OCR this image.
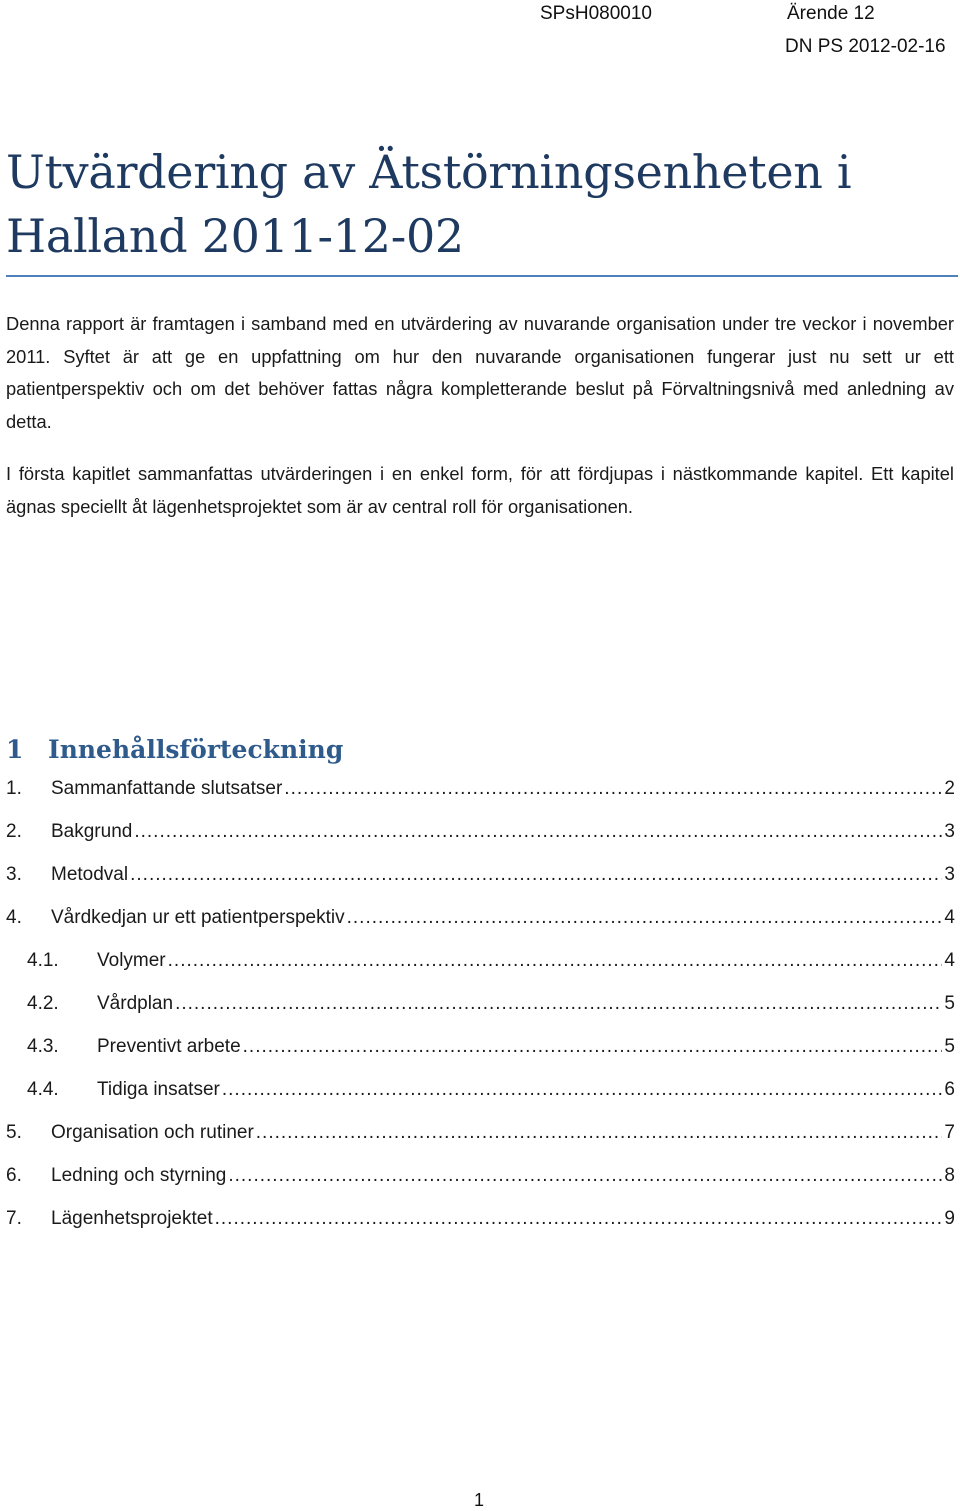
SPsH080010	Ärende 12
DN PS 2012-02-16
Utvärdering av Ätstörningsenheten i
Halland 2011-12-02

Denna rapport är framtagen i samband med en utvärdering av nuvarande organisation under tre veckor i november 2011. Syftet är att ge en uppfattning om hur den nuvarande organisationen fungerar just nu sett ur ett patientperspektiv och om det behöver fattas några kompletterande beslut på Förvaltningsnivå med anledning av detta.

I första kapitlet sammanfattas utvärderingen i en enkel form, för att fördjupas i nästkommande kapitel. Ett kapitel ägnas speciellt åt lägenhetsprojektet som är av central roll för organisationen.

1 Innehållsförteckning
1.	Sammanfattande slutsatser .....	2
2.	Bakgrund .....	3
3.	Metodval .....	3
4.	Vårdkedjan ur ett patientperspektiv .....	4
4.1.	Volymer .....	4
4.2.	Vårdplan .....	5
4.3.	Preventivt arbete .....	5
4.4.	Tidiga insatser .....	6
5.	Organisation och rutiner .....	7
6.	Ledning och styrning .....	8
7.	Lägenhetsprojektet .....	9
1
